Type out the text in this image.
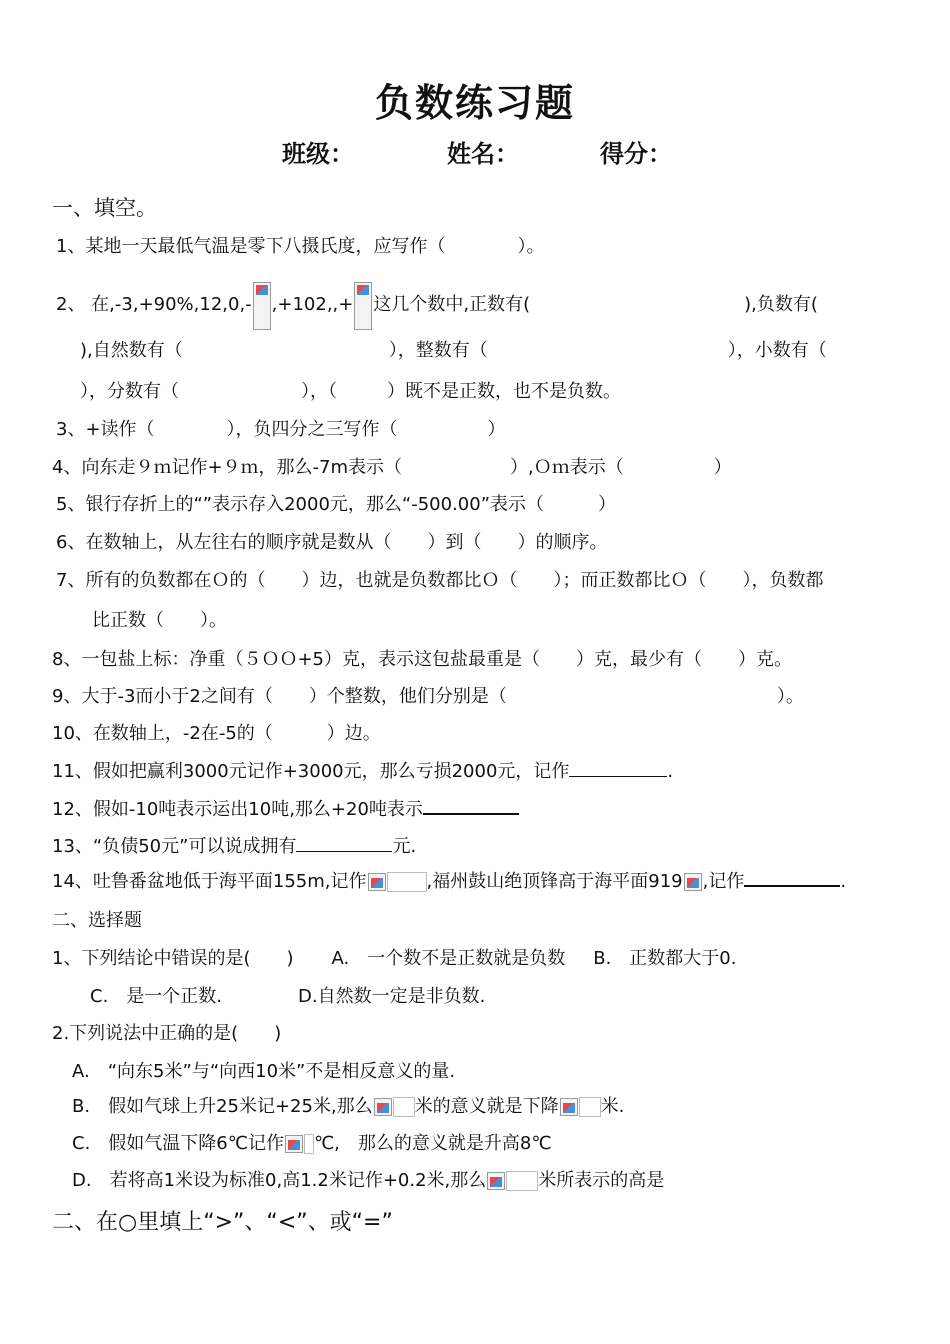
负数练习题
班级：	姓名：	得分：
一、填空。
1、某地一天最低气温是零下八摄氏度，应写作（　　　　）。
2、 在,-3,+90%,12,0,- ,+102,,+ 这几个数中,正数有(	),负数有(
),自然数有（	），整数有（	），小数有（
），分数有（	），（	）既不是正数，也不是负数。
3、+读作（　　　　），负四分之三写作（　　　　　）
4、向东走９ｍ记作+９ｍ，那么-7m表示（　　　　　　）,Ｏｍ表示（　　　　　）
5、银行存折上的“”表示存入2000元，那么“-500.00”表示（　　　）
6、在数轴上，从左往右的顺序就是数从（　　）到（　　）的顺序。
7、所有的负数都在Ｏ的（　　）边，也就是负数都比Ｏ（　　）；而正数都比Ｏ（　　），负数都
比正数（　　）。
8、一包盐上标：净重（５ＯＯ+5）克，表示这包盐最重是（　　）克，最少有（　　）克。
9、大于-3而小于2之间有（　　）个整数，他们分别是（　　　　　　　　　　　　　　　）。
10、在数轴上，-2在-5的（　　　）边。
11、假如把赢利3000元记作+3000元，那么亏损2000元，记作	.
12、假如-10吨表示运出10吨,那么+20吨表示
13、“负债50元”可以说成拥有	元.
14、吐鲁番盆地低于海平面155m,记作	,福州鼓山绝顶锋高于海平面919 ,记作	.
二、选择题
1、下列结论中错误的是(　　) A.　一个数不是正数就是负数 B.　正数都大于0.
C.　是一个正数.	D.自然数一定是非负数.
2.下列说法中正确的是(　　)
A.　“向东5米”与“向西10米”不是相反意义的量.
B.　假如气球上升25米记+25米,那么 米的意义就是下降 米.
C.　假如气温下降6℃记作 ℃,　那么的意义就是升高8℃
D.　若将高1米设为标准0,高1.2米记作+0.2米,那么	米所表示的高是
二、在○里填上“>”、“<”、或“=”
